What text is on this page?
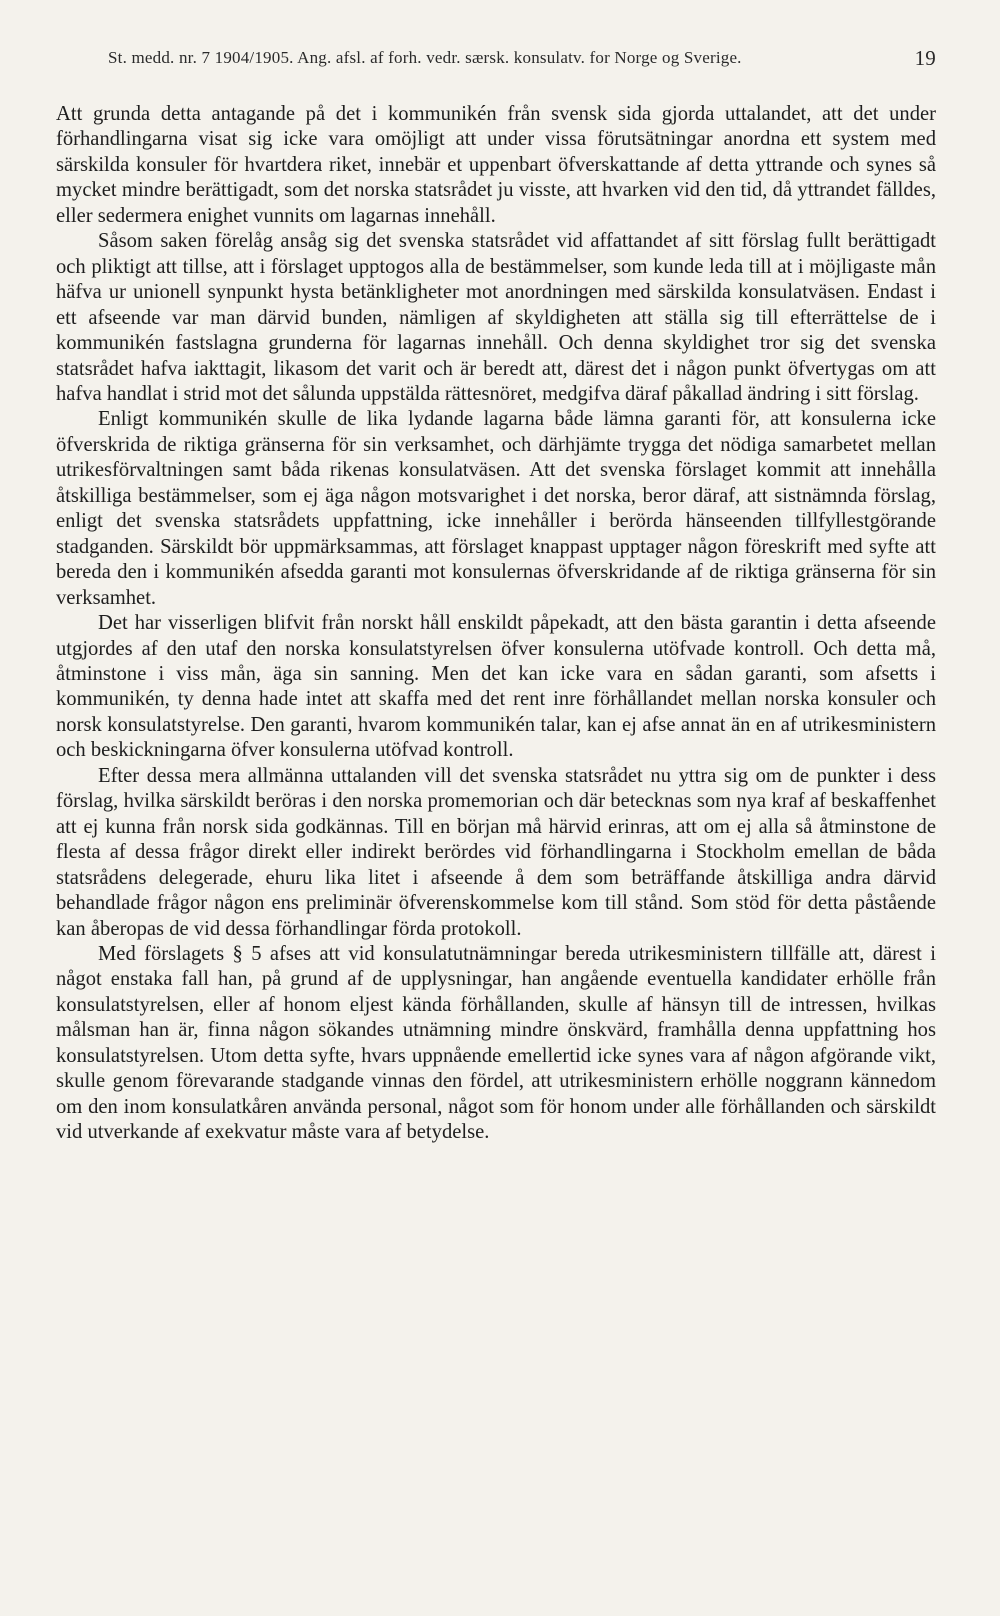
St. medd. nr. 7 1904/1905. Ang. afsl. af forh. vedr. særsk. konsulatv. for Norge og Sverige.	19

Att grunda detta antagande på det i kommunikén från svensk sida gjorda uttalandet, att det under förhandlingarna visat sig icke vara omöjligt att under vissa förutsätningar anordna ett system med särskilda konsuler för hvartdera riket, innebär et uppenbart öfverskattande af detta yttrande och synes så mycket mindre berättigadt, som det norska statsrådet ju visste, att hvarken vid den tid, då yttrandet fälldes, eller sedermera enighet vunnits om lagarnas innehåll.

Såsom saken förelåg ansåg sig det svenska statsrådet vid affattandet af sitt förslag fullt berättigadt och pliktigt att tillse, att i förslaget upptogos alla de bestämmelser, som kunde leda till at i möjligaste mån häfva ur unionell synpunkt hysta betänkligheter mot anordningen med särskilda konsulatväsen. Endast i ett afseende var man därvid bunden, nämligen af skyldigheten att ställa sig till efterrättelse de i kommunikén fastslagna grunderna för lagarnas innehåll. Och denna skyldighet tror sig det svenska statsrådet hafva iakttagit, likasom det varit och är beredt att, därest det i någon punkt öfvertygas om att hafva handlat i strid mot det sålunda uppstälda rättesnöret, medgifva däraf påkallad ändring i sitt förslag.

Enligt kommunikén skulle de lika lydande lagarna både lämna garanti för, att konsulerna icke öfverskrida de riktiga gränserna för sin verksamhet, och därhjämte trygga det nödiga samarbetet mellan utrikesförvaltningen samt båda rikenas konsulatväsen. Att det svenska förslaget kommit att innehålla åtskilliga bestämmelser, som ej äga någon motsvarighet i det norska, beror däraf, att sistnämnda förslag, enligt det svenska statsrådets uppfattning, icke innehåller i berörda hänseenden tillfyllestgörande stadganden. Särskildt bör uppmärksammas, att förslaget knappast upptager någon föreskrift med syfte att bereda den i kommunikén afsedda garanti mot konsulernas öfverskridande af de riktiga gränserna för sin verksamhet.

Det har visserligen blifvit från norskt håll enskildt påpekadt, att den bästa garantin i detta afseende utgjordes af den utaf den norska konsulatstyrelsen öfver konsulerna utöfvade kontroll. Och detta må, åtminstone i viss mån, äga sin sanning. Men det kan icke vara en sådan garanti, som afsetts i kommunikén, ty denna hade intet att skaffa med det rent inre förhållandet mellan norska konsuler och norsk konsulatstyrelse. Den garanti, hvarom kommunikén talar, kan ej afse annat än en af utrikesministern och beskickningarna öfver konsulerna utöfvad kontroll.

Efter dessa mera allmänna uttalanden vill det svenska statsrådet nu yttra sig om de punkter i dess förslag, hvilka särskildt beröras i den norska promemorian och där betecknas som nya kraf af beskaffenhet att ej kunna från norsk sida godkännas. Till en början må härvid erinras, att om ej alla så åtminstone de flesta af dessa frågor direkt eller indirekt berördes vid förhandlingarna i Stockholm emellan de båda statsrådens delegerade, ehuru lika litet i afseende å dem som beträffande åtskilliga andra därvid behandlade frågor någon ens preliminär öfverenskommelse kom till stånd. Som stöd för detta påstående kan åberopas de vid dessa förhandlingar förda protokoll.

Med förslagets § 5 afses att vid konsulatutnämningar bereda utrikesministern tillfälle att, därest i något enstaka fall han, på grund af de upplysningar, han angående eventuella kandidater erhölle från konsulatstyrelsen, eller af honom eljest kända förhållanden, skulle af hänsyn till de intressen, hvilkas målsman han är, finna någon sökandes utnämning mindre önskvärd, framhålla denna uppfattning hos konsulatstyrelsen. Utom detta syfte, hvars uppnående emellertid icke synes vara af någon afgörande vikt, skulle genom förevarande stadgande vinnas den fördel, att utrikesministern erhölle noggrann kännedom om den inom konsulatkåren använda personal, något som för honom under alle förhållanden och särskildt vid utverkande af exekvatur måste vara af betydelse.
